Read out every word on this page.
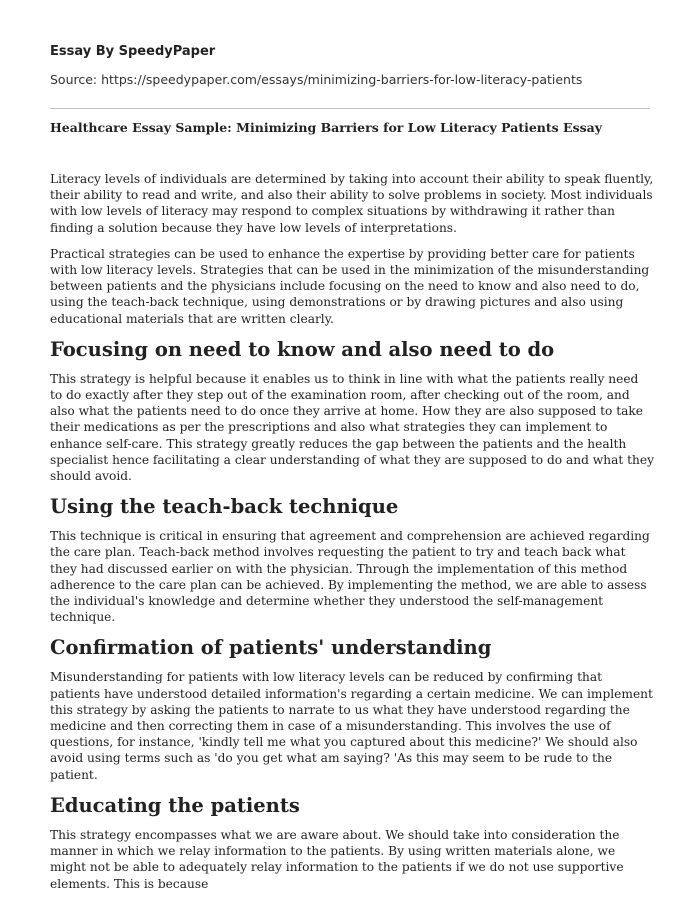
Essay By SpeedyPaper
Source: https://speedypaper.com/essays/minimizing-barriers-for-low-literacy-patients
Healthcare Essay Sample: Minimizing Barriers for Low Literacy Patients Essay

Literacy levels of individuals are determined by taking into account their ability to speak fluently, their ability to read and write, and also their ability to solve problems in society. Most individuals with low levels of literacy may respond to complex situations by withdrawing it rather than finding a solution because they have low levels of interpretations.

Practical strategies can be used to enhance the expertise by providing better care for patients with low literacy levels. Strategies that can be used in the minimization of the misunderstanding between patients and the physicians include focusing on the need to know and also need to do, using the teach-back technique, using demonstrations or by drawing pictures and also using educational materials that are written clearly.

Focusing on need to know and also need to do

This strategy is helpful because it enables us to think in line with what the patients really need to do exactly after they step out of the examination room, after checking out of the room, and also what the patients need to do once they arrive at home. How they are also supposed to take their medications as per the prescriptions and also what strategies they can implement to enhance self-care. This strategy greatly reduces the gap between the patients and the health specialist hence facilitating a clear understanding of what they are supposed to do and what they should avoid.

Using the teach-back technique

This technique is critical in ensuring that agreement and comprehension are achieved regarding the care plan. Teach-back method involves requesting the patient to try and teach back what they had discussed earlier on with the physician. Through the implementation of this method adherence to the care plan can be achieved. By implementing the method, we are able to assess the individual's knowledge and determine whether they understood the self-management technique.

Confirmation of patients' understanding

Misunderstanding for patients with low literacy levels can be reduced by confirming that patients have understood detailed information's regarding a certain medicine. We can implement this strategy by asking the patients to narrate to us what they have understood regarding the medicine and then correcting them in case of a misunderstanding. This involves the use of questions, for instance, 'kindly tell me what you captured about this medicine?' We should also avoid using terms such as 'do you get what am saying? 'As this may seem to be rude to the patient.

Educating the patients

This strategy encompasses what we are aware about. We should take into consideration the manner in which we relay information to the patients. By using written materials alone, we might not be able to adequately relay information to the patients if we do not use supportive elements. This is because
